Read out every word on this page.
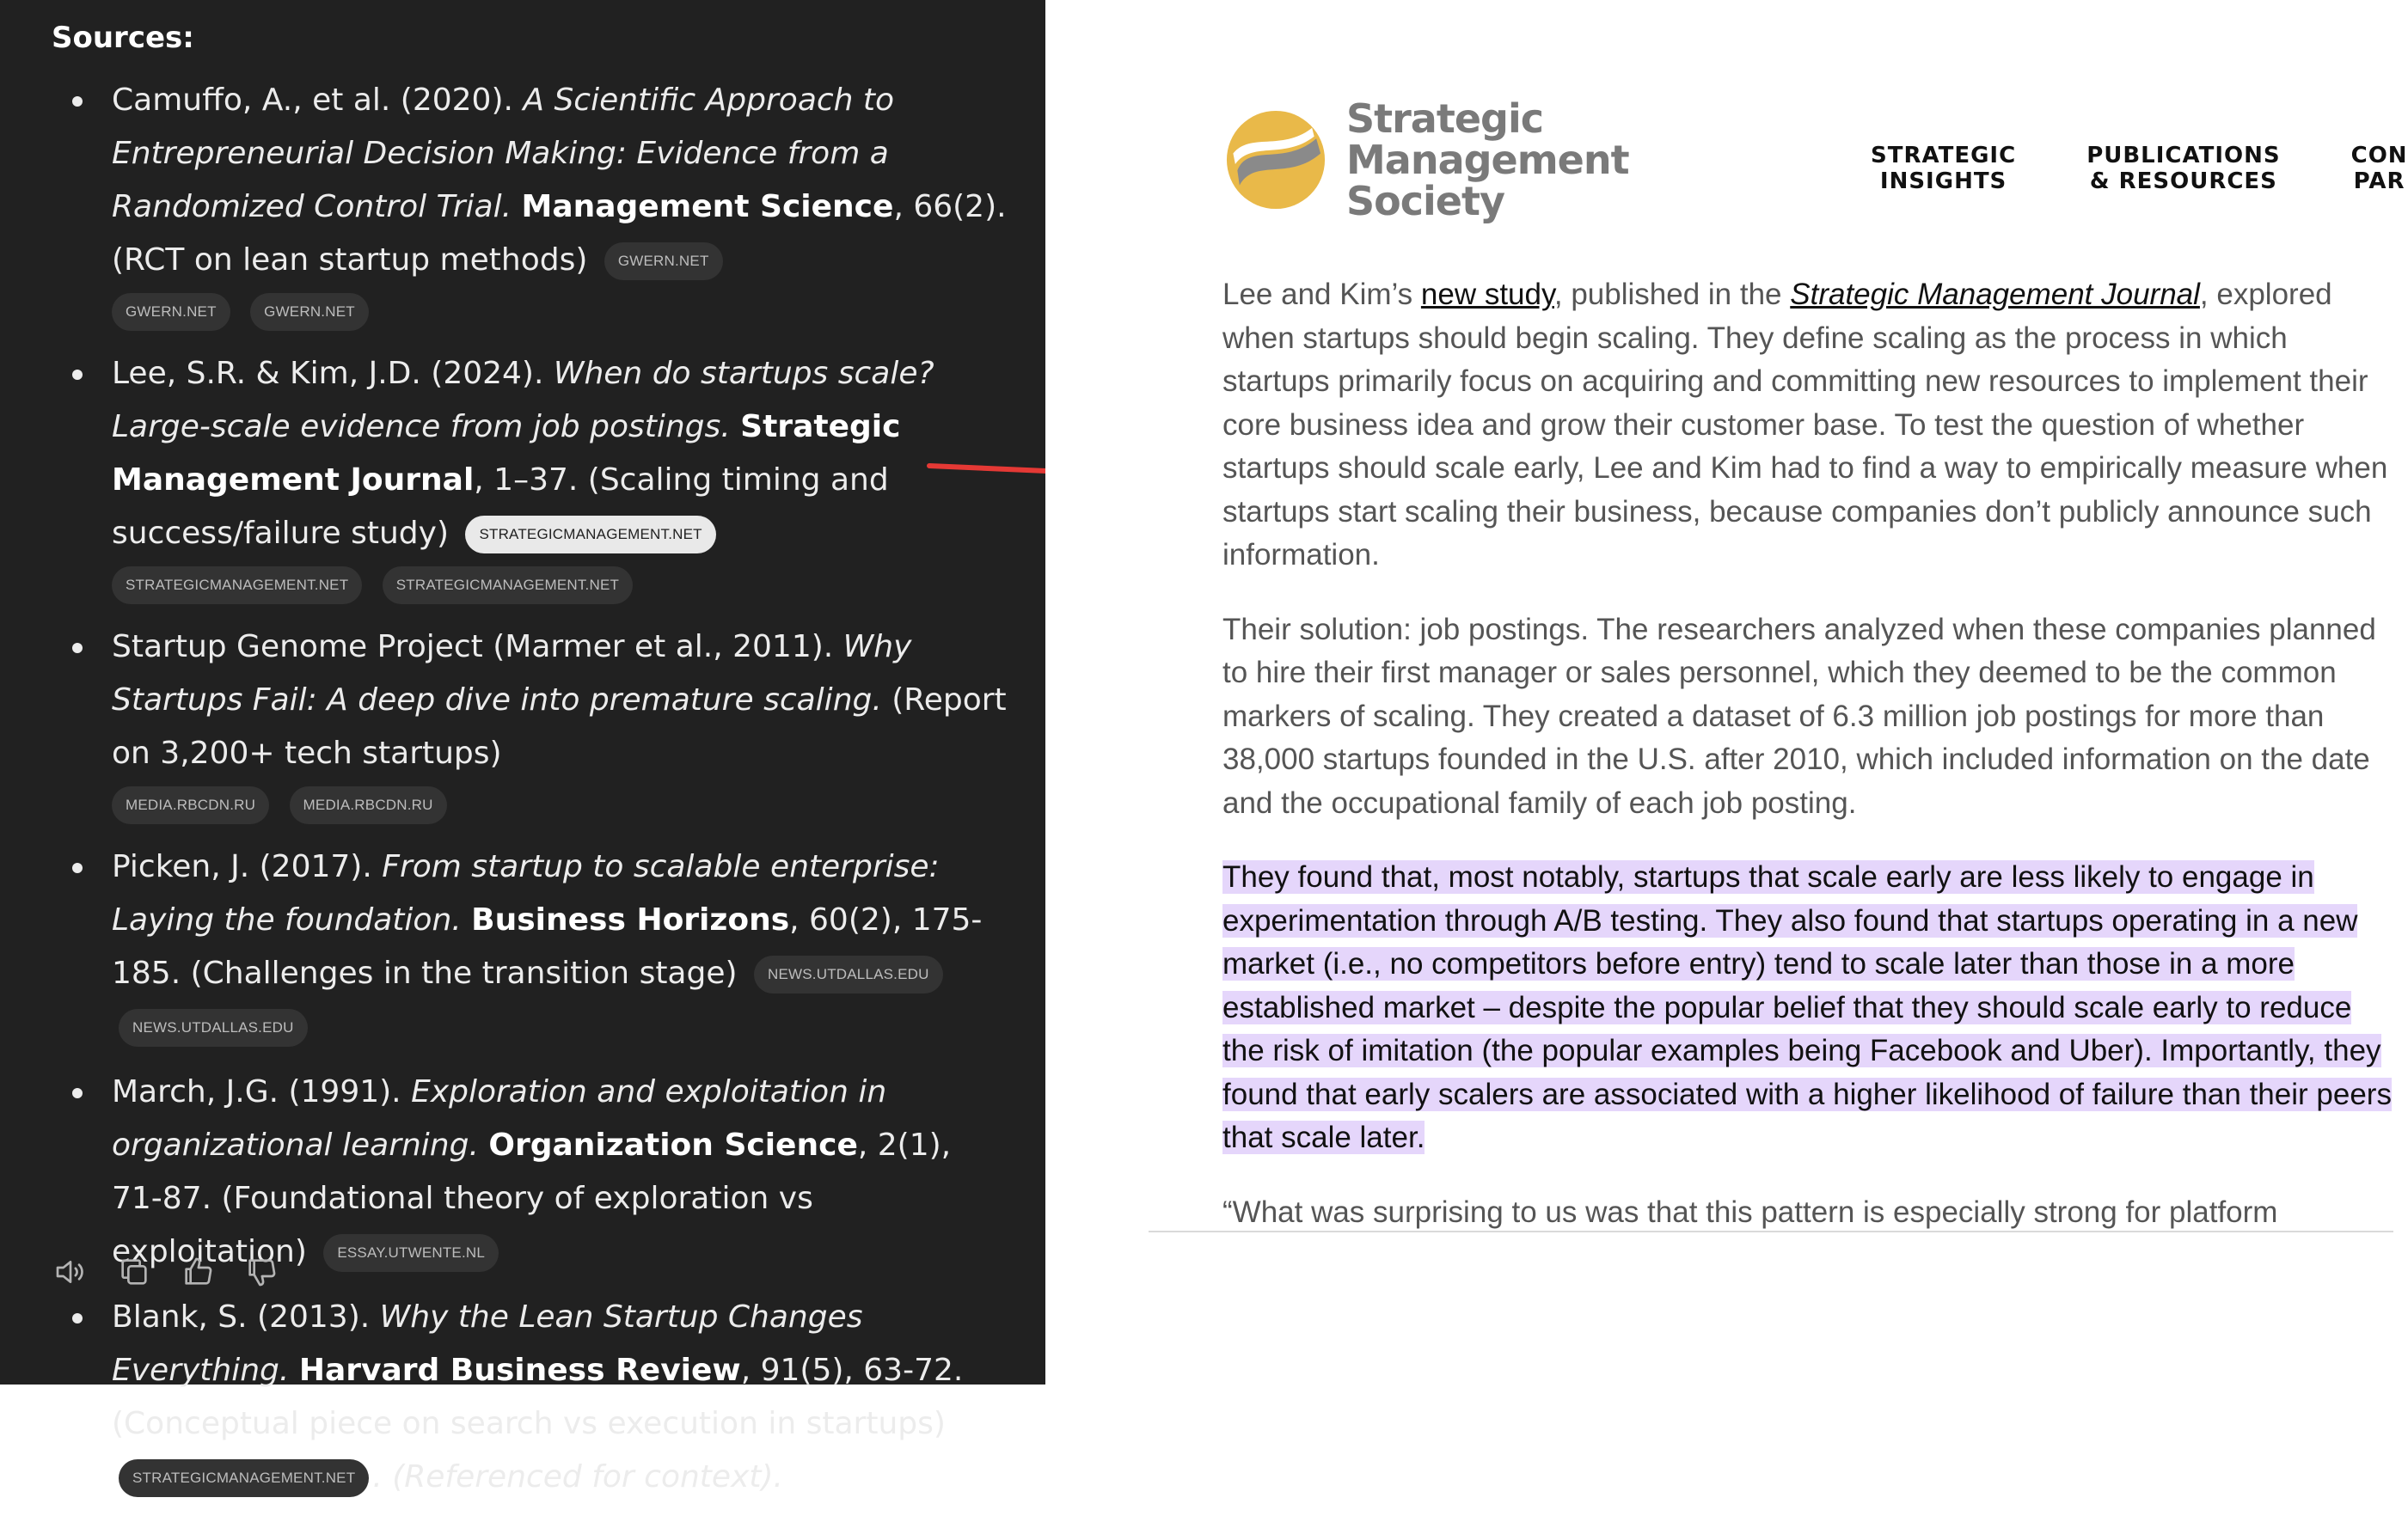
Sources:
Camuffo, A., et al. (2020). A Scientific Approach to Entrepreneurial Decision Making: Evidence from a Randomized Control Trial. Management Science, 66(2). (RCT on lean startup methods) GWERN.NET
GWERN.NET	GWERN.NET
Lee, S.R. & Kim, J.D. (2024). When do startups scale? Large-scale evidence from job postings. Strategic Management Journal, 1–37. (Scaling timing and success/failure study) STRATEGICMANAGEMENT.NET
STRATEGICMANAGEMENT.NET	STRATEGICMANAGEMENT.NET
Startup Genome Project (Marmer et al., 2011). Why Startups Fail: A deep dive into premature scaling. (Report on 3,200+ tech startups)
MEDIA.RBCDN.RU	MEDIA.RBCDN.RU
Picken, J. (2017). From startup to scalable enterprise: Laying the foundation. Business Horizons, 60(2), 175-185. (Challenges in the transition stage) NEWS.UTDALLAS.EDUNEWS.UTDALLAS.EDU
March, J.G. (1991). Exploration and exploitation in organizational learning. Organization Science, 2(1), 71-87. (Foundational theory of exploration vs exploitation) ESSAY.UTWENTE.NL
Blank, S. (2013). Why the Lean Startup Changes Everything. Harvard Business Review, 91(5), 63-72. (Conceptual piece on search vs execution in startups) STRATEGICMANAGEMENT.NET . (Referenced for context).
Strategic
Management
Society
STRATEGIC
INSIGHTS
PUBLICATIONS
& RESOURCES
CON
PAR

Lee and Kim’s new study, published in the Strategic Management Journal, explored when startups should begin scaling. They define scaling as the process in which startups primarily focus on acquiring and committing new resources to implement their core business idea and grow their customer base. To test the question of whether startups should scale early, Lee and Kim had to find a way to empirically measure when startups start scaling their business, because companies don’t publicly announce such information.

Their solution: job postings. The researchers analyzed when these companies planned to hire their first manager or sales personnel, which they deemed to be the common markers of scaling. They created a dataset of 6.3 million job postings for more than 38,000 startups founded in the U.S. after 2010, which included information on the date and the occupational family of each job posting.

They found that, most notably, startups that scale early are less likely to engage in experimentation through A/B testing. They also found that startups operating in a new market (i.e., no competitors before entry) tend to scale later than those in a more established market – despite the popular belief that they should scale early to reduce the risk of imitation (the popular examples being Facebook and Uber). Importantly, they found that early scalers are associated with a higher likelihood of failure than their peers that scale later.

“What was surprising to us was that this pattern is especially strong for platform
